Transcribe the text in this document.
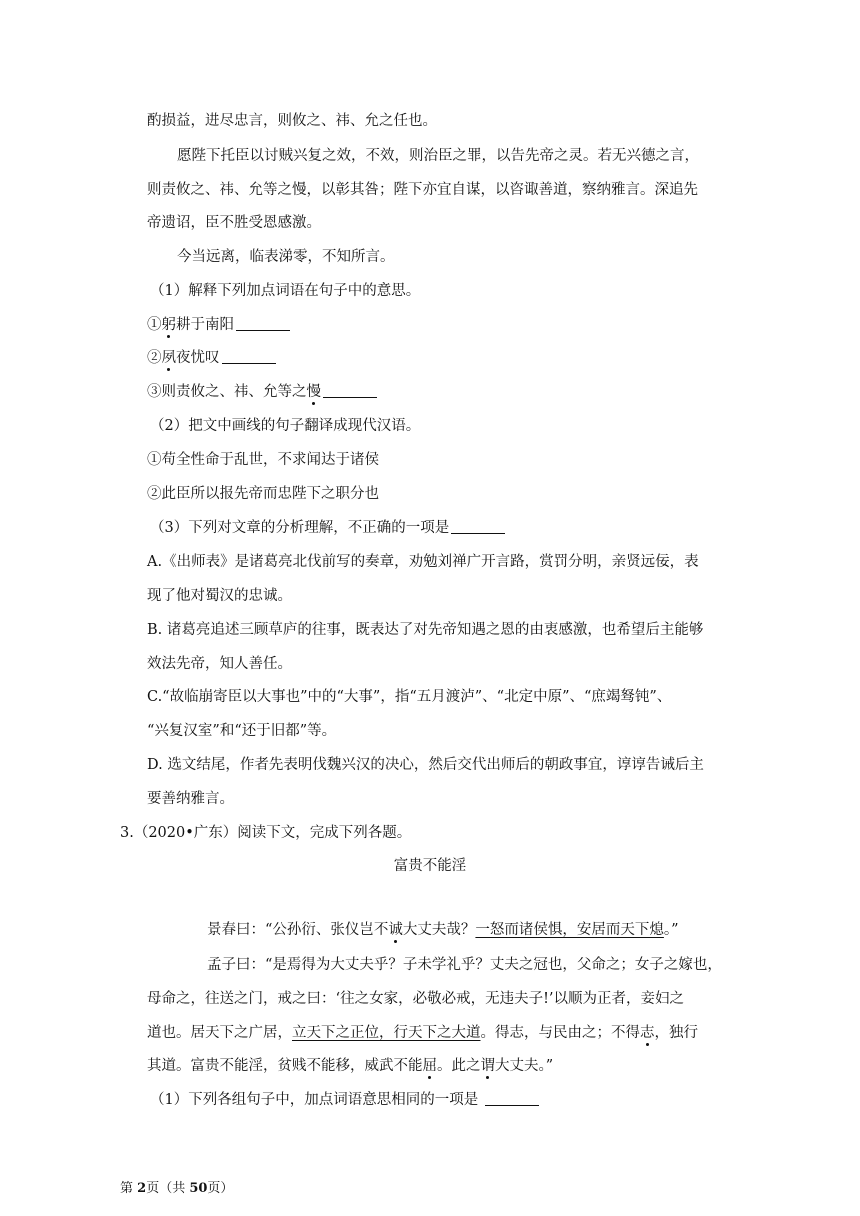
酌损益，进尽忠言，则攸之、祎、允之任也。
愿陛下托臣以讨贼兴复之效，不效，则治臣之罪，以告先帝之灵。若无兴德之言，
则责攸之、祎、允等之慢，以彰其咎；陛下亦宜自谋，以咨诹善道，察纳雅言。深追先
帝遗诏，臣不胜受恩感激。
今当远离，临表涕零，不知所言。
（1）解释下列加点词语在句子中的意思。
①躬耕于南阳
②夙夜忧叹
③则责攸之、祎、允等之慢
（2）把文中画线的句子翻译成现代汉语。
①苟全性命于乱世，不求闻达于诸侯
②此臣所以报先帝而忠陛下之职分也
（3）下列对文章的分析理解，不正确的一项是
A.《出师表》是诸葛亮北伐前写的奏章，劝勉刘禅广开言路，赏罚分明，亲贤远佞，表
现了他对蜀汉的忠诚。
B. 诸葛亮追述三顾草庐的往事，既表达了对先帝知遇之恩的由衷感激，也希望后主能够
效法先帝，知人善任。
C.“故临崩寄臣以大事也”中的“大事”，指“五月渡泸”、“北定中原”、“庶竭驽钝”、
“兴复汉室”和“还于旧都”等。
D. 选文结尾，作者先表明伐魏兴汉的决心，然后交代出师后的朝政事宜，谆谆告诫后主
要善纳雅言。
3.（2020•广东）阅读下文，完成下列各题。
富贵不能淫
景春曰：“公孙衍、张仪岂不诚大丈夫哉？一怒而诸侯惧，安居而天下熄。”
孟子曰：“是焉得为大丈夫乎？子未学礼乎？丈夫之冠也，父命之；女子之嫁也，
母命之，往送之门，戒之曰：‘往之女家，必敬必戒，无违夫子!’以顺为正者，妾妇之
道也。居天下之广居，立天下之正位，行天下之大道。得志，与民由之；不得志，独行
其道。富贵不能淫，贫贱不能移，威武不能屈。此之谓大丈夫。”
（1）下列各组句子中，加点词语意思相同的一项是
第 2页（共 50页）
